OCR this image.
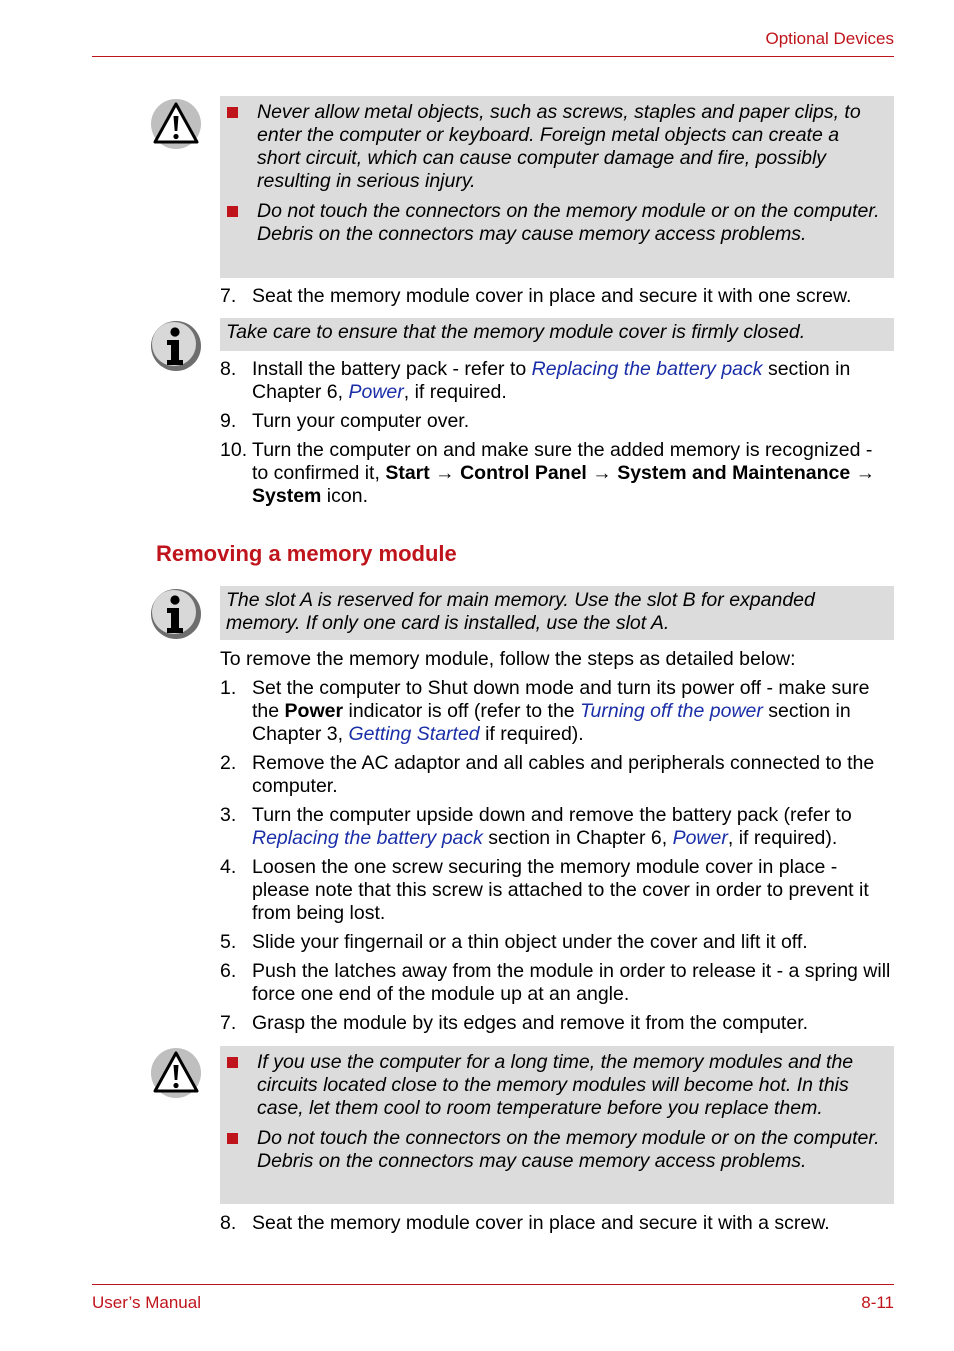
Optional Devices
Never allow metal objects, such as screws, staples and paper clips, to enter the computer or keyboard. Foreign metal objects can create a short circuit, which can cause computer damage and fire, possibly resulting in serious injury.
Do not touch the connectors on the memory module or on the computer. Debris on the connectors may cause memory access problems.
7. Seat the memory module cover in place and secure it with one screw.
Take care to ensure that the memory module cover is firmly closed.
8. Install the battery pack - refer to Replacing the battery pack section in Chapter 6, Power, if required.
9. Turn your computer over.
10. Turn the computer on and make sure the added memory is recognized - to confirmed it, Start → Control Panel → System and Maintenance → System icon.
Removing a memory module
The slot A is reserved for main memory. Use the slot B for expanded memory. If only one card is installed, use the slot A.
To remove the memory module, follow the steps as detailed below:
1. Set the computer to Shut down mode and turn its power off - make sure the Power indicator is off (refer to the Turning off the power section in Chapter 3, Getting Started if required).
2. Remove the AC adaptor and all cables and peripherals connected to the computer.
3. Turn the computer upside down and remove the battery pack (refer to Replacing the battery pack section in Chapter 6, Power, if required).
4. Loosen the one screw securing the memory module cover in place - please note that this screw is attached to the cover in order to prevent it from being lost.
5. Slide your fingernail or a thin object under the cover and lift it off.
6. Push the latches away from the module in order to release it - a spring will force one end of the module up at an angle.
7. Grasp the module by its edges and remove it from the computer.
If you use the computer for a long time, the memory modules and the circuits located close to the memory modules will become hot. In this case, let them cool to room temperature before you replace them.
Do not touch the connectors on the memory module or on the computer. Debris on the connectors may cause memory access problems.
8. Seat the memory module cover in place and secure it with a screw.
User’s Manual	8-11
